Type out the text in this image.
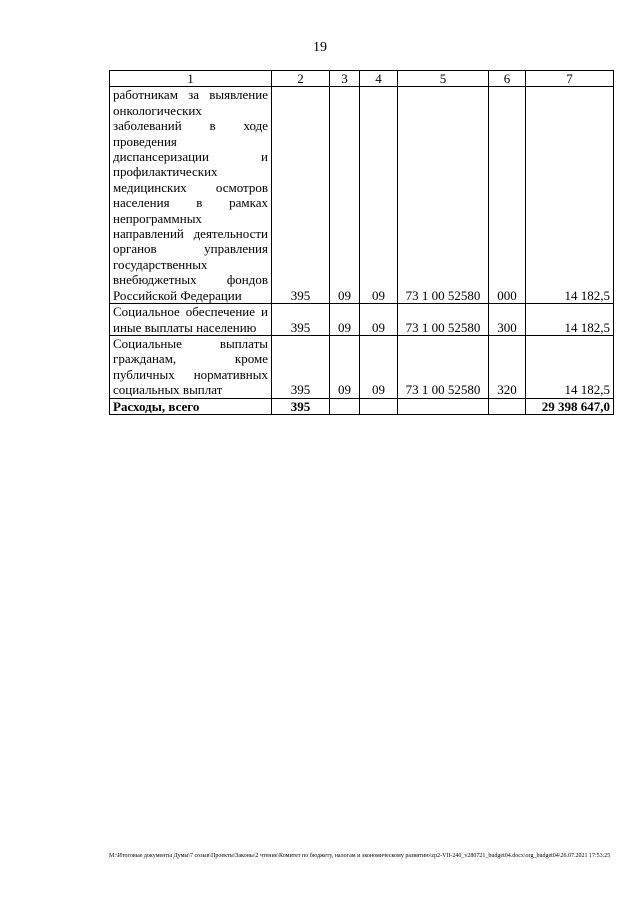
19
1	2	3	4	5	6	7
работникам за выявление онкологических заболеваний в ходе проведения диспансеризации и профилактических медицинских осмотров населения в рамках непрограммных направлений деятельности органов управления государственных внебюджетных фондов Российской Федерации	395	09	09	73 1 00 52580	000	14 182,5
Социальное обеспечение и иные выплаты населению	395	09	09	73 1 00 52580	300	14 182,5
Социальные выплаты гражданам, кроме публичных нормативных социальных выплат	395	09	09	73 1 00 52580	320	14 182,5
Расходы, всего	395					29 398 647,0
M:\Итоговые документы Думы\7 созыв\Проекты\Законы\2 чтение\Комитет по бюджету, налогам и экономическому развитию\zp2-VII-240_v280721_budget04.docx\org_budget04\26.07.2021 17:53:25
